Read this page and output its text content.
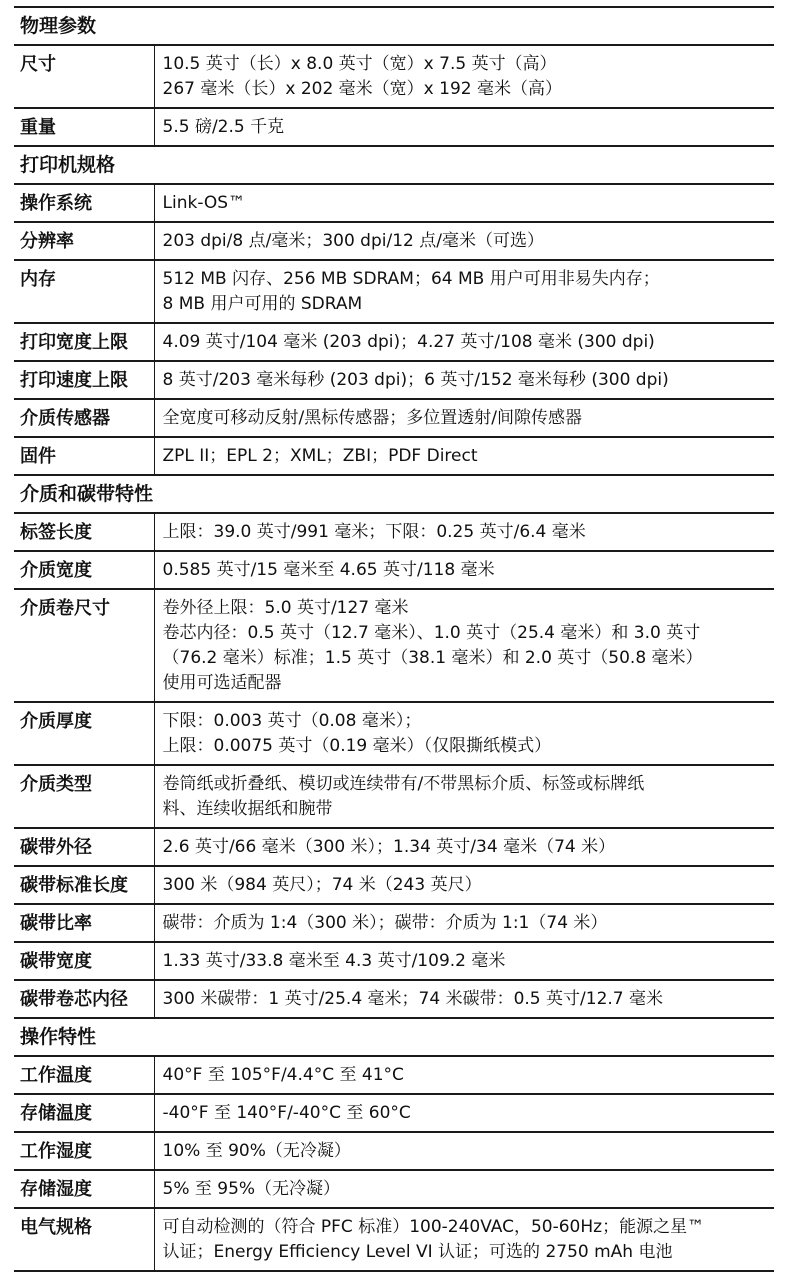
物理参数	
尺寸	10.5 英寸（长）x 8.0 英寸（宽）x 7.5 英寸（高）
267 毫米（长）x 202 毫米（宽）x 192 毫米（高）

重量	5.5 磅/2.5 千克

打印机规格	
操作系统	Link-OS™

分辨率	203 dpi/8 点/毫米；300 dpi/12 点/毫米（可选）

内存	512 MB 闪存、256 MB SDRAM；64 MB 用户可用非易失内存；
8 MB 用户可用的 SDRAM

打印宽度上限	4.09 英寸/104 毫米 (203 dpi)；4.27 英寸/108 毫米 (300 dpi)

打印速度上限	8 英寸/203 毫米每秒 (203 dpi)；6 英寸/152 毫米每秒 (300 dpi)

介质传感器	全宽度可移动反射/黑标传感器；多位置透射/间隙传感器

固件	ZPL II；EPL 2；XML；ZBI；PDF Direct

介质和碳带特性	
标签长度	上限：39.0 英寸/991 毫米；下限：0.25 英寸/6.4 毫米

介质宽度	0.585 英寸/15 毫米至 4.65 英寸/118 毫米

介质卷尺寸	卷外径上限：5.0 英寸/127 毫米
卷芯内径：0.5 英寸（12.7 毫米）、1.0 英寸（25.4 毫米）和 3.0 英寸
（76.2 毫米）标准；1.5 英寸（38.1 毫米）和 2.0 英寸（50.8 毫米）
使用可选适配器

介质厚度	下限：0.003 英寸（0.08 毫米）；
上限：0.0075 英寸（0.19 毫米）（仅限撕纸模式）

介质类型	卷筒纸或折叠纸、模切或连续带有/不带黑标介质、标签或标牌纸
料、连续收据纸和腕带

碳带外径	2.6 英寸/66 毫米（300 米）；1.34 英寸/34 毫米（74 米）

碳带标准长度	300 米（984 英尺）；74 米（243 英尺）

碳带比率	碳带：介质为 1:4（300 米）；碳带：介质为 1:1（74 米）

碳带宽度	1.33 英寸/33.8 毫米至 4.3 英寸/109.2 毫米

碳带卷芯内径	300 米碳带：1 英寸/25.4 毫米；74 米碳带：0.5 英寸/12.7 毫米

操作特性	
工作温度	40°F 至 105°F/4.4°C 至 41°C

存储温度	-40°F 至 140°F/-40°C 至 60°C

工作湿度	10% 至 90%（无冷凝）

存储湿度	5% 至 95%（无冷凝）

电气规格	可自动检测的（符合 PFC 标准）100-240VAC，50-60Hz；能源之星™
认证；Energy Efficiency Level VI 认证；可选的 2750 mAh 电池
